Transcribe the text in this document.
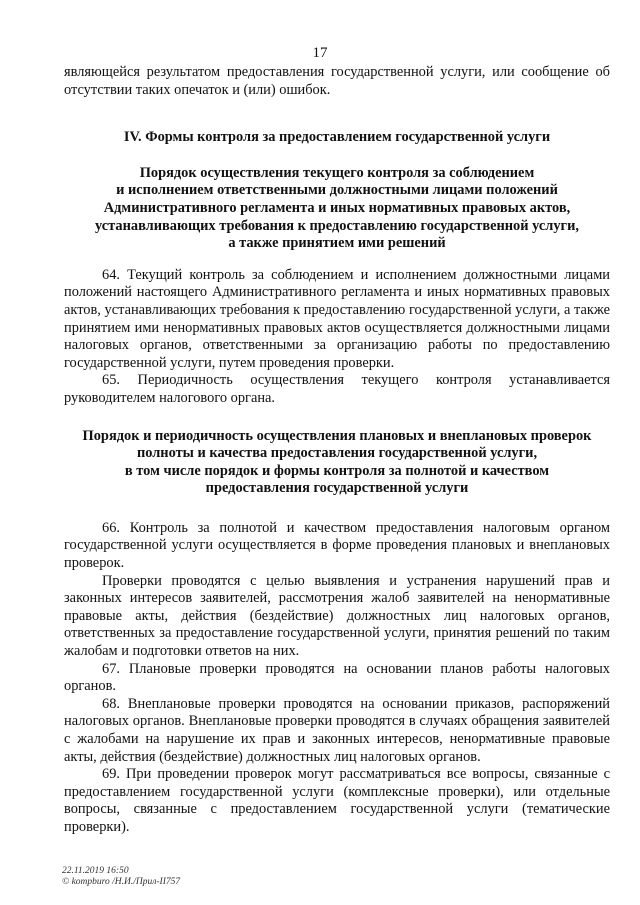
17

являющейся результатом предоставления государственной услуги, или сообщение об отсутствии таких опечаток и (или) ошибок.

IV. Формы контроля за предоставлением государственной услуги

Порядок осуществления текущего контроля за соблюдением
и исполнением ответственными должностными лицами положений
Административного регламента и иных нормативных правовых актов,
устанавливающих требования к предоставлению государственной услуги,
а также принятием ими решений

64. Текущий контроль за соблюдением и исполнением должностными лицами положений настоящего Административного регламента и иных нормативных правовых актов, устанавливающих требования к предоставлению государственной услуги, а также принятием ими ненормативных правовых актов осуществляется должностными лицами налоговых органов, ответственными за организацию работы по предоставлению государственной услуги, путем проведения проверки.

65. Периодичность осуществления текущего контроля устанавливается руководителем налогового органа.

Порядок и периодичность осуществления плановых и внеплановых проверок
полноты и качества предоставления государственной услуги,
в том числе порядок и формы контроля за полнотой и качеством
предоставления государственной услуги

66. Контроль за полнотой и качеством предоставления налоговым органом государственной услуги осуществляется в форме проведения плановых и внеплановых проверок.

Проверки проводятся с целью выявления и устранения нарушений прав и законных интересов заявителей, рассмотрения жалоб заявителей на ненормативные правовые акты, действия (бездействие) должностных лиц налоговых органов, ответственных за предоставление государственной услуги, принятия решений по таким жалобам и подготовки ответов на них.

67. Плановые проверки проводятся на основании планов работы налоговых органов.

68. Внеплановые проверки проводятся на основании приказов, распоряжений налоговых органов. Внеплановые проверки проводятся в случаях обращения заявителей с жалобами на нарушение их прав и законных интересов, ненормативные правовые акты, действия (бездействие) должностных лиц налоговых органов.

69. При проведении проверок могут рассматриваться все вопросы, связанные с предоставлением государственной услуги (комплексные проверки), или отдельные вопросы, связанные с предоставлением государственной услуги (тематические проверки).

22.11.2019 16:50
© kompburo /Н.И./Прил-II757
